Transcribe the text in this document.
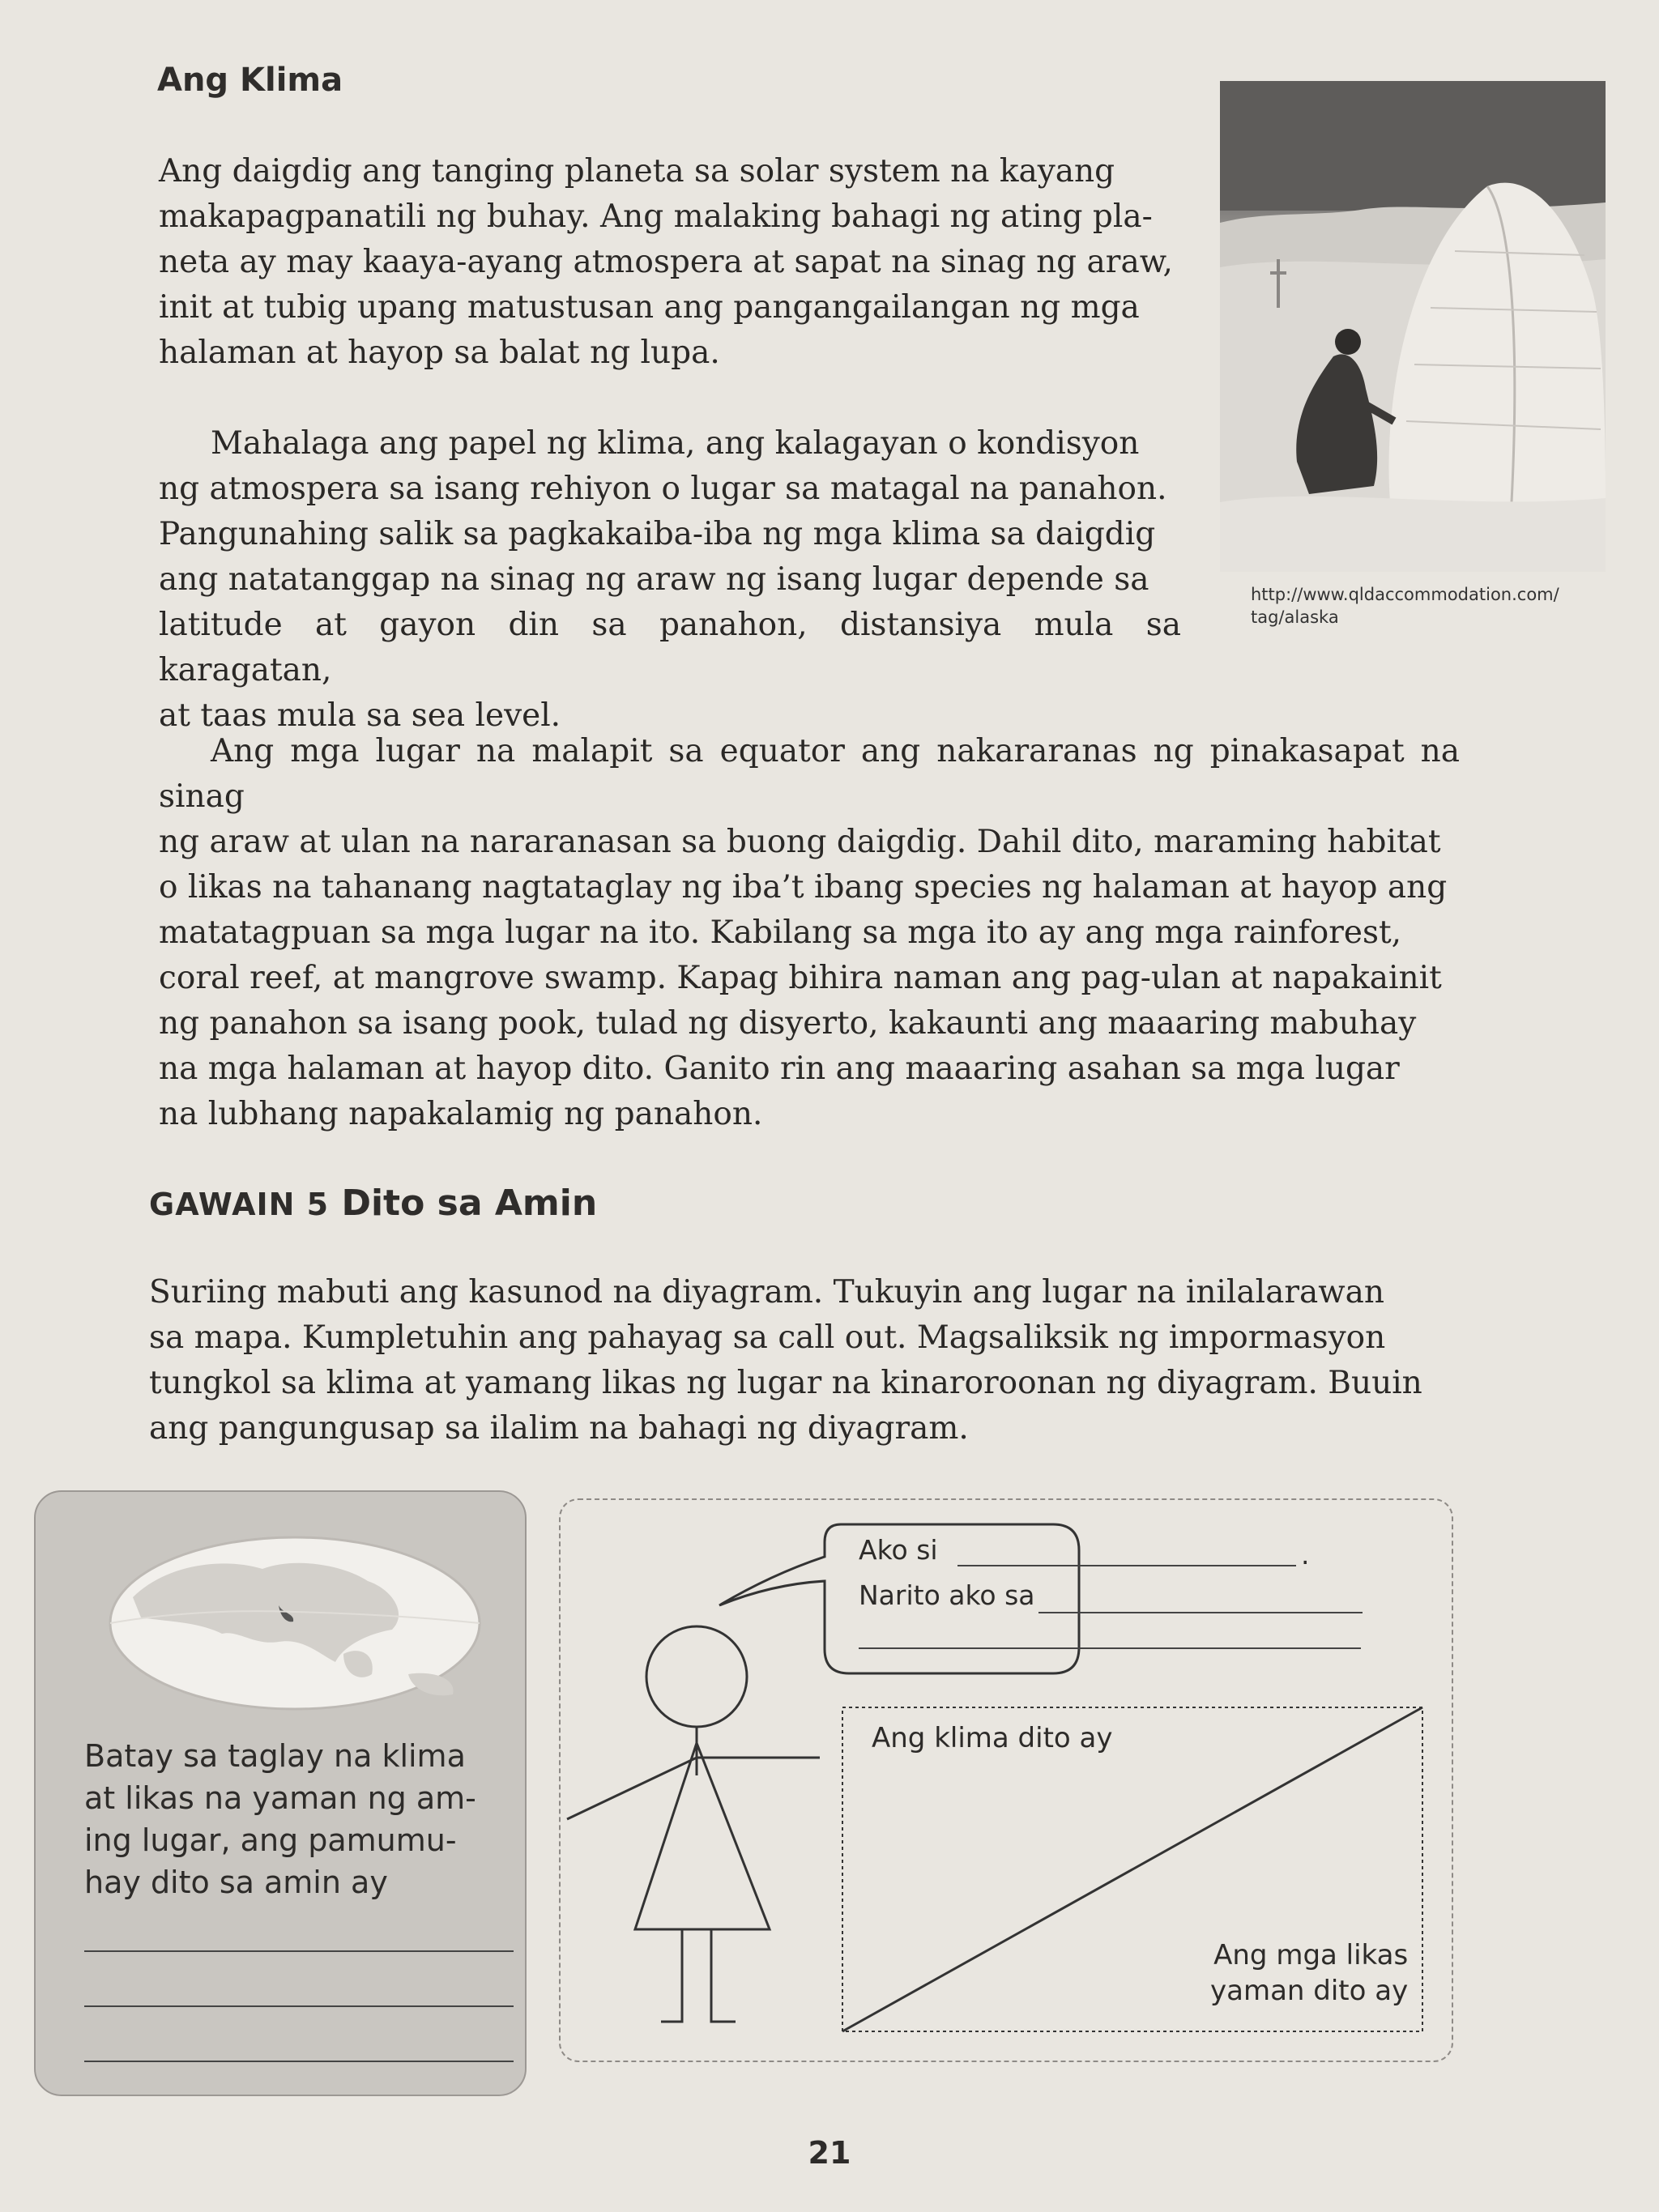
Ang Klima

Ang daigdig ang tanging planeta sa solar system na kayang

makapagpanatili ng buhay. Ang malaking bahagi ng ating pla-

neta ay may kaaya-ayang atmospera at sapat na sinag ng araw,

init at tubig upang matustusan ang pangangailangan ng mga

halaman at hayop sa balat ng lupa.

Mahalaga ang papel ng klima, ang kalagayan o kondisyon

ng atmospera sa isang rehiyon o lugar sa matagal na panahon.

Pangunahing salik sa pagkakaiba-iba ng mga klima sa daigdig

ang natatanggap na sinag ng araw ng isang lugar depende sa

latitude at gayon din sa panahon, distansiya mula sa karagatan,

at taas mula sa sea level.

http://www.qldaccommodation.com/
tag/alaska

Ang mga lugar na malapit sa equator ang nakararanas ng pinakasapat na sinag

ng araw at ulan na nararanasan sa buong daigdig. Dahil dito, maraming habitat

o likas na tahanang nagtataglay ng iba’t ibang species ng halaman at hayop ang

matatagpuan sa mga lugar na ito. Kabilang sa mga ito ay ang mga rainforest,

coral reef, at mangrove swamp. Kapag bihira naman ang pag-ulan at napakainit

ng panahon sa isang pook, tulad ng disyerto, kakaunti ang maaaring mabuhay

na mga halaman at hayop dito. Ganito rin ang maaaring asahan sa mga lugar

na lubhang napakalamig ng panahon.

GAWAIN 5 Dito sa Amin

Suriing mabuti ang kasunod na diyagram. Tukuyin ang lugar na inilalarawan

sa mapa. Kumpletuhin ang pahayag sa call out. Magsaliksik ng impormasyon

tungkol sa klima at yamang likas ng lugar na kinaroroonan ng diyagram. Buuin

ang pangungusap sa ilalim na bahagi ng diyagram.

Batay sa taglay na klima
at likas na yaman ng am-
ing lugar, ang pamumu-
hay dito sa amin ay
Ako si	.
Narito ako sa
Ang klima dito ay
Ang mga likas
yaman dito ay
21
